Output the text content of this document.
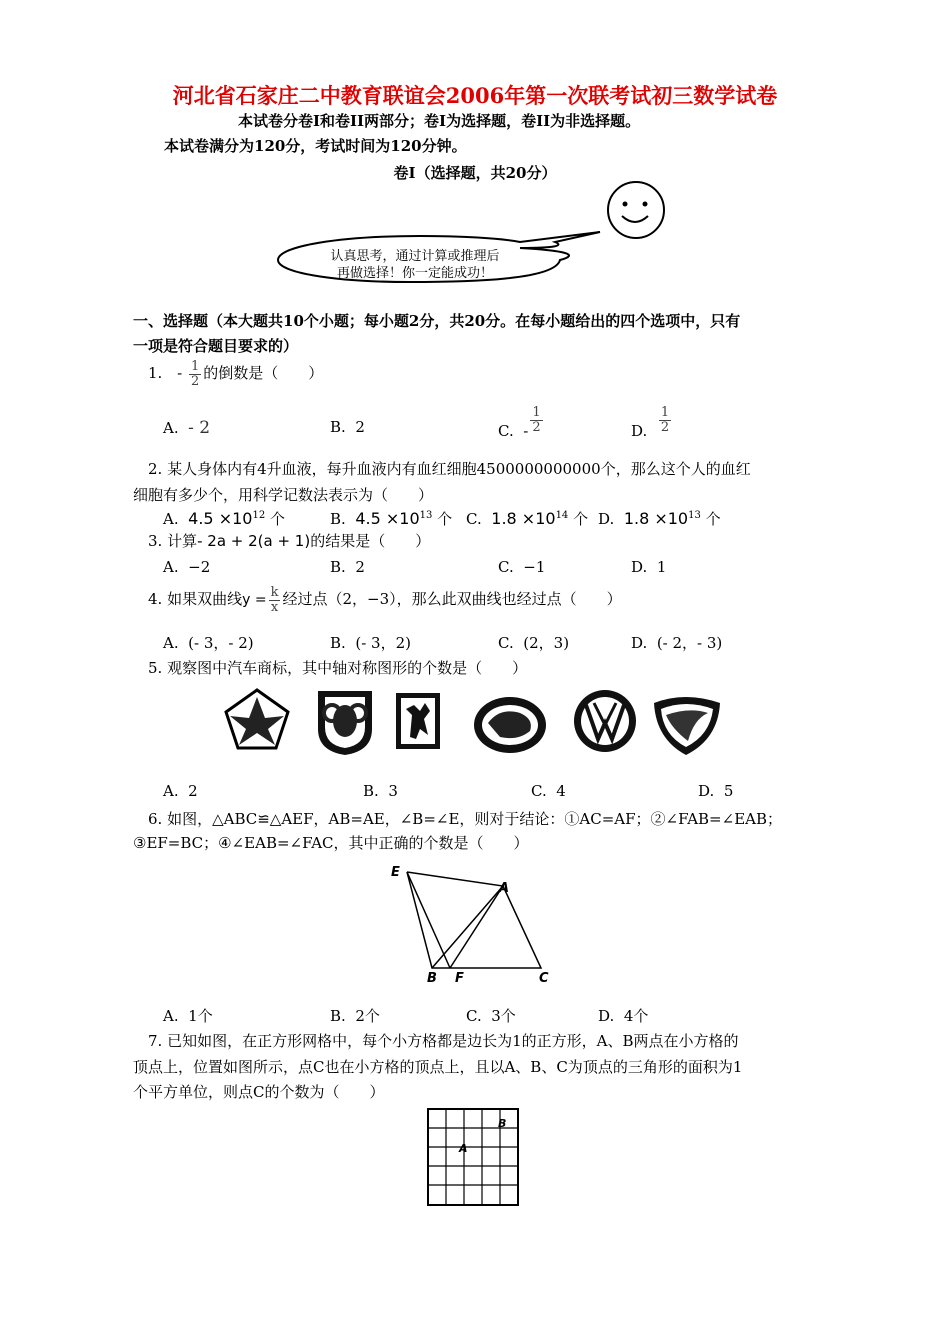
河北省石家庄二中教育联谊会2006年第一次联考试初三数学试卷
本试卷分卷I和卷II两部分；卷I为选择题，卷II为非选择题。
本试卷满分为120分，考试时间为120分钟。
卷I（选择题，共20分）
认真思考，通过计算或推理后
再做选择！你一定能成功！
一、选择题（本大题共10个小题；每小题2分，共20分。在每小题给出的四个选项中，只有
一项是符合题目要求的）
1. - $\frac{1}{2}$ 的倒数是（　　）
A. - 2	B. 2	C. - $\frac{1}{2}$	D. $\frac{1}{2}$
2. 某人身体内有4升血液，每升血液内有血红细胞4500000000000个，那么这个人的血红
细胞有多少个，用科学记数法表示为（　　）
A. $4.5 \times 10^{12}$ 个	B. $4.5 \times 10^{13}$ 个 C. $1.8 \times 10^{14}$ 个 D. $1.8 \times 10^{13}$ 个
3. 计算- 2a + 2(a + 1)的结果是（　　）
A. −2	B. 2	C. −1	D. 1
4. 如果双曲线$y = \frac{k}{x}$ 经过点（2，−3），那么此双曲线也经过点（　　）
A. (- 3，- 2)	B. (- 3，2)	C. (2，3)	D. (- 2，- 3)
5. 观察图中汽车商标，其中轴对称图形的个数是（　　）
A. 2	B. 3	C. 4	D. 5
6. 如图，△ABC≌△AEF，AB=AE，∠B=∠E，则对于结论：①AC=AF；②∠FAB=∠EAB；
③EF=BC；④∠EAB=∠FAC，其中正确的个数是（　　）
E
A
B F	C
A. 1个	B. 2个	C. 3个	D. 4个
7. 已知如图，在正方形网格中，每个小方格都是边长为1的正方形，A、B两点在小方格的
顶点上，位置如图所示，点C也在小方格的顶点上，且以A、B、C为顶点的三角形的面积为1
个平方单位，则点C的个数为（　　）
A
B
